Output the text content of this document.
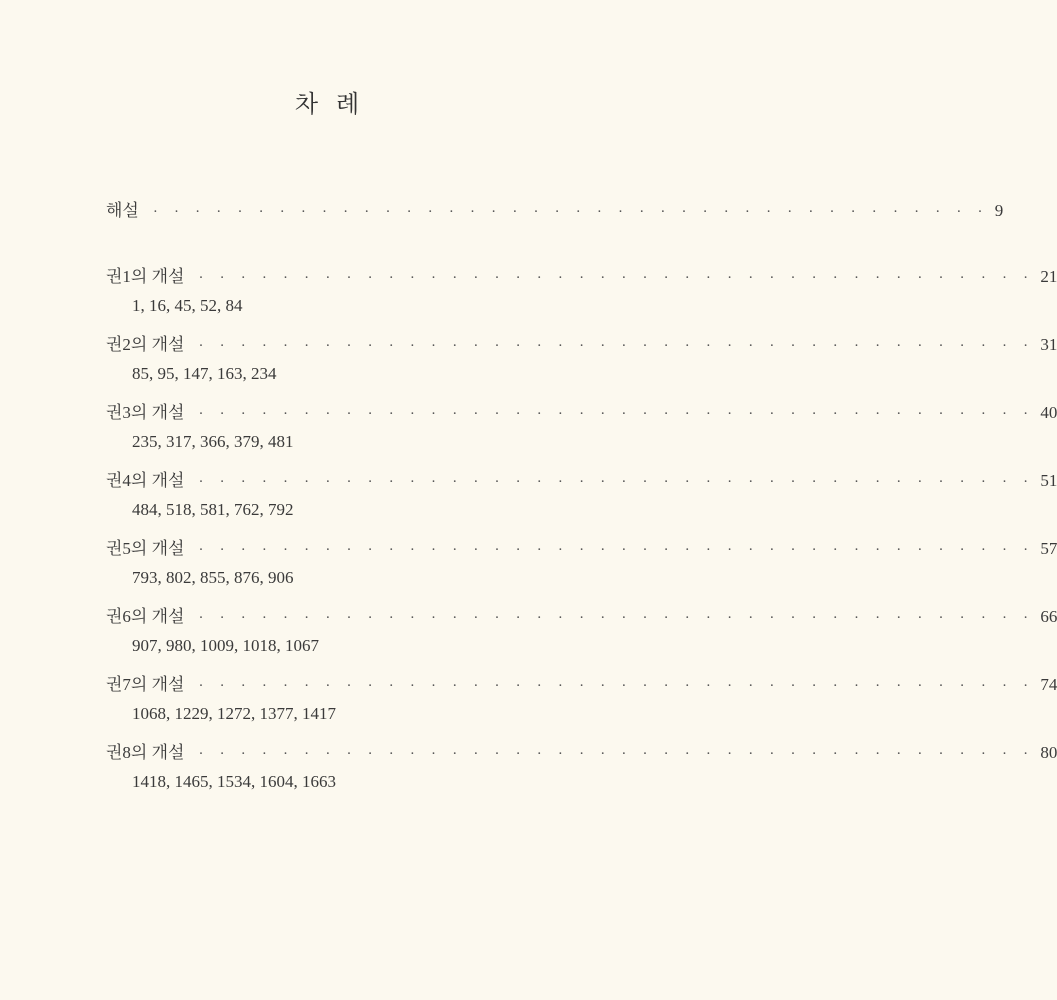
차 례
해설 · · · · · · · · · · · · · · · · · · · · · · · · · · · · · · · · · · · · · · · · 9
권1의 개설 · · · · · · · · · · · · · · · · · · · · · · · · · · · · · · · · · · · · · · · · 21
1, 16, 45, 52, 84
권2의 개설 · · · · · · · · · · · · · · · · · · · · · · · · · · · · · · · · · · · · · · · · 31
85, 95, 147, 163, 234
권3의 개설 · · · · · · · · · · · · · · · · · · · · · · · · · · · · · · · · · · · · · · · · 40
235, 317, 366, 379, 481
권4의 개설 · · · · · · · · · · · · · · · · · · · · · · · · · · · · · · · · · · · · · · · · 51
484, 518, 581, 762, 792
권5의 개설 · · · · · · · · · · · · · · · · · · · · · · · · · · · · · · · · · · · · · · · · 57
793, 802, 855, 876, 906
권6의 개설 · · · · · · · · · · · · · · · · · · · · · · · · · · · · · · · · · · · · · · · · 66
907, 980, 1009, 1018, 1067
권7의 개설 · · · · · · · · · · · · · · · · · · · · · · · · · · · · · · · · · · · · · · · · 74
1068, 1229, 1272, 1377, 1417
권8의 개설 · · · · · · · · · · · · · · · · · · · · · · · · · · · · · · · · · · · · · · · · 80
1418, 1465, 1534, 1604, 1663
